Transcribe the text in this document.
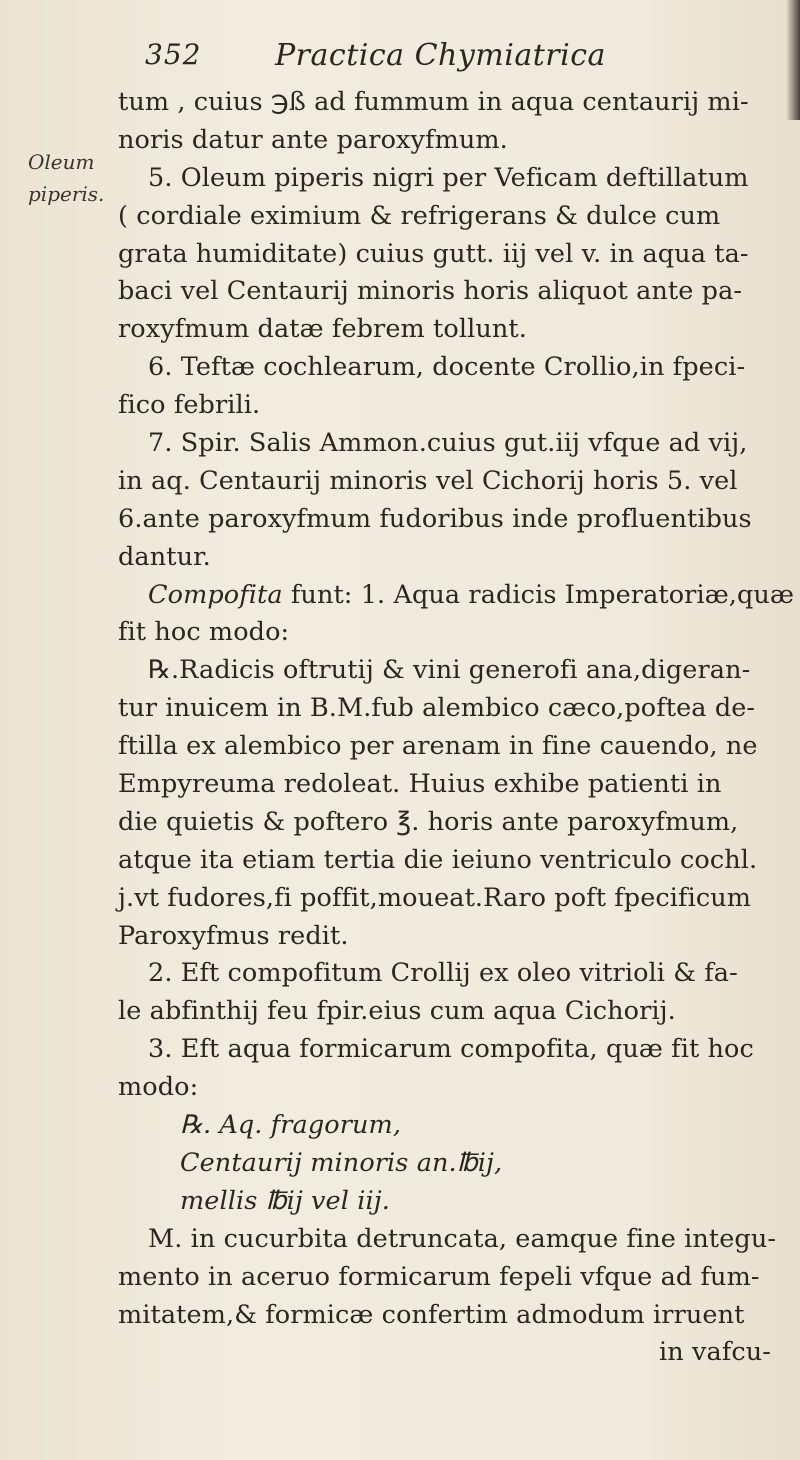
352 Practica Chymiatrica
Oleum
piperis.
tum , cuius ℈ß ad fummum in aqua centaurij mi-
noris datur ante paroxyfmum.
5. Oleum piperis nigri per Veficam deftillatum
( cordiale eximium & refrigerans & dulce cum
grata humiditate) cuius gutt. iij vel v. in aqua ta-
baci vel Centaurij minoris horis aliquot ante pa-
roxyfmum datæ febrem tollunt.
6. Teftæ cochlearum, docente Crollio,in fpeci-
fico febrili.
7. Spir. Salis Ammon.cuius gut.iij vfque ad vij,
in aq. Centaurij minoris vel Cichorij horis 5. vel
6.ante paroxyfmum fudoribus inde profluentibus
dantur.
Compofita funt: 1. Aqua radicis Imperatoriæ,quæ
fit hoc modo:
℞.Radicis oftrutij & vini generofi ana,digeran-
tur inuicem in B.M.fub alembico cæco,poftea de-
ftilla ex alembico per arenam in fine cauendo, ne
Empyreuma redoleat. Huius exhibe patienti in
die quietis & poftero ℥. horis ante paroxyfmum,
atque ita etiam tertia die ieiuno ventriculo cochl.
j.vt fudores,fi poffit,moueat.Raro poft fpecificum
Paroxyfmus redit.
2. Eft compofitum Crollij ex oleo vitrioli & fa-
le abfinthij feu fpir.eius cum aqua Cichorij.
3. Eft aqua formicarum compofita, quæ fit hoc
modo:
℞. Aq. fragorum,
Centaurij minoris an.℔ij,
mellis ℔ij vel iij.
M. in cucurbita detruncata, eamque fine integu-
mento in aceruo formicarum fepeli vfque ad fum-
mitatem,& formicæ confertim admodum irruent
in vafcu-
